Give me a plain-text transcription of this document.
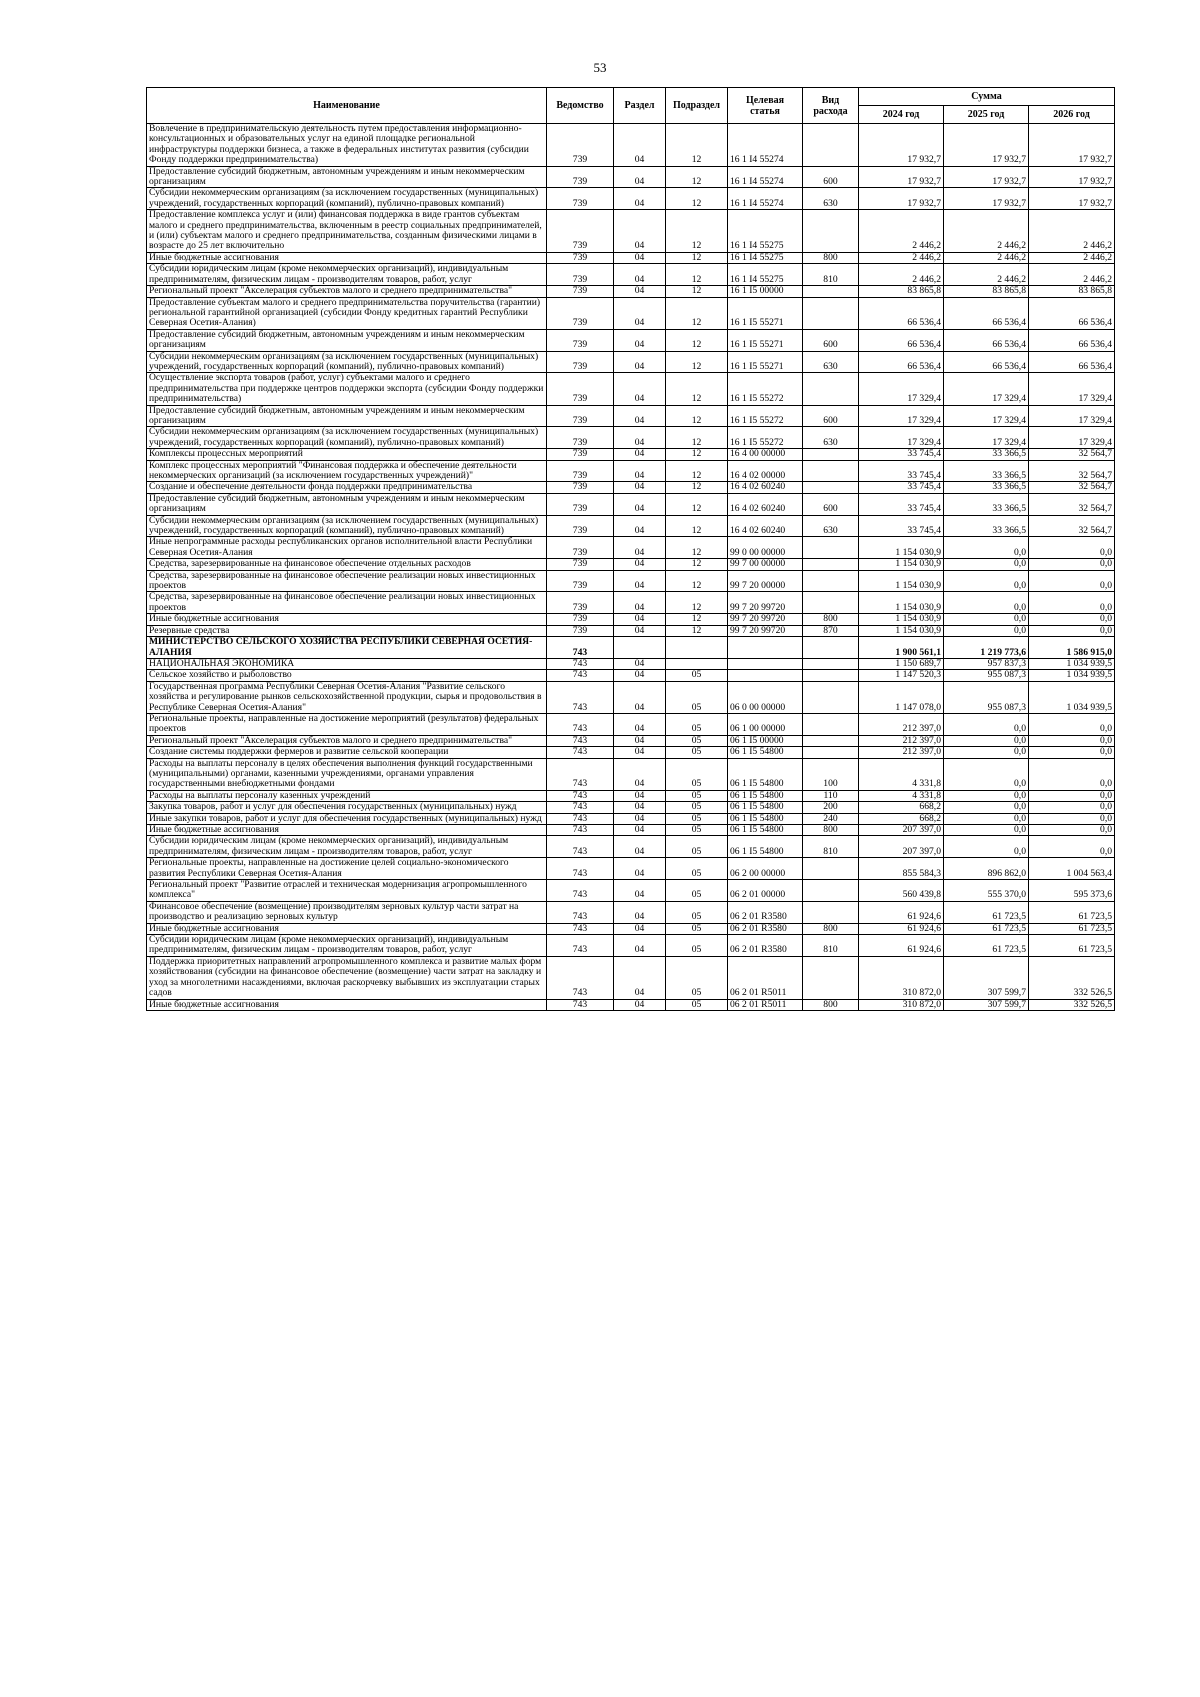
53
Наименование	Ведомство	Раздел	Подраздел	Целевая статья	Вид расхода	Сумма		
						2024 год	2025 год	2026 год
Вовлечение в предпринимательскую деятельность путем предоставления информационно-консультационных и образовательных услуг на единой площадке региональной инфраструктуры поддержки бизнеса, а также в федеральных институтах развития (субсидии Фонду поддержки предпринимательства)	739	04	12	16 1 I4 55274		17 932,7	17 932,7	17 932,7
Предоставление субсидий бюджетным, автономным учреждениям и иным некоммерческим организациям	739	04	12	16 1 I4 55274	600	17 932,7	17 932,7	17 932,7
Субсидии некоммерческим организациям (за исключением государственных (муниципальных) учреждений, государственных корпораций (компаний), публично-правовых компаний)	739	04	12	16 1 I4 55274	630	17 932,7	17 932,7	17 932,7
Предоставление комплекса услуг и (или) финансовая поддержка в виде грантов субъектам малого и среднего предпринимательства, включенным в реестр социальных предпринимателей, и (или) субъектам малого и среднего предпринимательства, созданным физическими лицами в возрасте до 25 лет включительно	739	04	12	16 1 I4 55275		2 446,2	2 446,2	2 446,2
Иные бюджетные ассигнования	739	04	12	16 1 I4 55275	800	2 446,2	2 446,2	2 446,2
Субсидии юридическим лицам (кроме некоммерческих организаций), индивидуальным предпринимателям, физическим лицам - производителям товаров, работ, услуг	739	04	12	16 1 I4 55275	810	2 446,2	2 446,2	2 446,2
Региональный проект "Акселерация субъектов малого и среднего предпринимательства"	739	04	12	16 1 I5 00000		83 865,8	83 865,8	83 865,8
Предоставление субъектам малого и среднего предпринимательства поручительства (гарантии) региональной гарантийной организацией (субсидии Фонду кредитных гарантий Республики Северная Осетия-Алания)	739	04	12	16 1 I5 55271		66 536,4	66 536,4	66 536,4
Предоставление субсидий бюджетным, автономным учреждениям и иным некоммерческим организациям	739	04	12	16 1 I5 55271	600	66 536,4	66 536,4	66 536,4
Субсидии некоммерческим организациям (за исключением государственных (муниципальных) учреждений, государственных корпораций (компаний), публично-правовых компаний)	739	04	12	16 1 I5 55271	630	66 536,4	66 536,4	66 536,4
Осуществление экспорта товаров (работ, услуг) субъектами малого и среднего предпринимательства при поддержке центров поддержки экспорта (субсидии Фонду поддержки предпринимательства)	739	04	12	16 1 I5 55272		17 329,4	17 329,4	17 329,4
Предоставление субсидий бюджетным, автономным учреждениям и иным некоммерческим организациям	739	04	12	16 1 I5 55272	600	17 329,4	17 329,4	17 329,4
Субсидии некоммерческим организациям (за исключением государственных (муниципальных) учреждений, государственных корпораций (компаний), публично-правовых компаний)	739	04	12	16 1 I5 55272	630	17 329,4	17 329,4	17 329,4
Комплексы процессных мероприятий	739	04	12	16 4 00 00000		33 745,4	33 366,5	32 564,7
Комплекс процессных мероприятий "Финансовая поддержка и обеспечение деятельности некоммерческих организаций (за исключением государственных учреждений)"	739	04	12	16 4 02 00000		33 745,4	33 366,5	32 564,7
Создание и обеспечение деятельности фонда поддержки предпринимательства	739	04	12	16 4 02 60240		33 745,4	33 366,5	32 564,7
Предоставление субсидий бюджетным, автономным учреждениям и иным некоммерческим организациям	739	04	12	16 4 02 60240	600	33 745,4	33 366,5	32 564,7
Субсидии некоммерческим организациям (за исключением государственных (муниципальных) учреждений, государственных корпораций (компаний), публично-правовых компаний)	739	04	12	16 4 02 60240	630	33 745,4	33 366,5	32 564,7
Иные непрограммные расходы республиканских органов исполнительной власти Республики Северная Осетия-Алания	739	04	12	99 0 00 00000		1 154 030,9	0,0	0,0
Средства, зарезервированные на финансовое обеспечение отдельных расходов	739	04	12	99 7 00 00000		1 154 030,9	0,0	0,0
Средства, зарезервированные на финансовое обеспечение реализации новых инвестиционных проектов	739	04	12	99 7 20 00000		1 154 030,9	0,0	0,0
Средства, зарезервированные на финансовое обеспечение реализации новых инвестиционных проектов	739	04	12	99 7 20 99720		1 154 030,9	0,0	0,0
Иные бюджетные ассигнования	739	04	12	99 7 20 99720	800	1 154 030,9	0,0	0,0
Резервные средства	739	04	12	99 7 20 99720	870	1 154 030,9	0,0	0,0
МИНИСТЕРСТВО СЕЛЬСКОГО ХОЗЯЙСТВА РЕСПУБЛИКИ СЕВЕРНАЯ ОСЕТИЯ-АЛАНИЯ	743					1 900 561,1	1 219 773,6	1 586 915,0
НАЦИОНАЛЬНАЯ ЭКОНОМИКА	743	04				1 150 689,7	957 837,3	1 034 939,5
Сельское хозяйство и рыболовство	743	04	05			1 147 520,3	955 087,3	1 034 939,5
Государственная программа Республики Северная Осетия-Алания "Развитие сельского хозяйства и регулирование рынков сельскохозяйственной продукции, сырья и продовольствия в Республике Северная Осетия-Алания"	743	04	05	06 0 00 00000		1 147 078,0	955 087,3	1 034 939,5
Региональные проекты, направленные на достижение мероприятий (результатов) федеральных проектов	743	04	05	06 1 00 00000		212 397,0	0,0	0,0
Региональный проект "Акселерация субъектов малого и среднего предпринимательства"	743	04	05	06 1 I5 00000		212 397,0	0,0	0,0
Создание системы поддержки фермеров и развитие сельской кооперации	743	04	05	06 1 I5 54800		212 397,0	0,0	0,0
Расходы на выплаты персоналу в целях обеспечения выполнения функций государственными (муниципальными) органами, казенными учреждениями, органами управления государственными внебюджетными фондами	743	04	05	06 1 I5 54800	100	4 331,8	0,0	0,0
Расходы на выплаты персоналу казенных учреждений	743	04	05	06 1 I5 54800	110	4 331,8	0,0	0,0
Закупка товаров, работ и услуг для обеспечения государственных (муниципальных) нужд	743	04	05	06 1 I5 54800	200	668,2	0,0	0,0
Иные закупки товаров, работ и услуг для обеспечения государственных (муниципальных) нужд	743	04	05	06 1 I5 54800	240	668,2	0,0	0,0
Иные бюджетные ассигнования	743	04	05	06 1 I5 54800	800	207 397,0	0,0	0,0
Субсидии юридическим лицам (кроме некоммерческих организаций), индивидуальным предпринимателям, физическим лицам - производителям товаров, работ, услуг	743	04	05	06 1 I5 54800	810	207 397,0	0,0	0,0
Региональные проекты, направленные на достижение целей социально-экономического развития Республики Северная Осетия-Алания	743	04	05	06 2 00 00000		855 584,3	896 862,0	1 004 563,4
Региональный проект "Развитие отраслей и техническая модернизация агропромышленного комплекса"	743	04	05	06 2 01 00000		560 439,8	555 370,0	595 373,6
Финансовое обеспечение (возмещение) производителям зерновых культур части затрат на производство и реализацию зерновых культур	743	04	05	06 2 01 R3580		61 924,6	61 723,5	61 723,5
Иные бюджетные ассигнования	743	04	05	06 2 01 R3580	800	61 924,6	61 723,5	61 723,5
Субсидии юридическим лицам (кроме некоммерческих организаций), индивидуальным предпринимателям, физическим лицам - производителям товаров, работ, услуг	743	04	05	06 2 01 R3580	810	61 924,6	61 723,5	61 723,5
Поддержка приоритетных направлений агропромышленного комплекса и развитие малых форм хозяйствования (субсидии на финансовое обеспечение (возмещение) части затрат на закладку и уход за многолетними насаждениями, включая раскорчевку выбывших из эксплуатации старых садов	743	04	05	06 2 01 R5011		310 872,0	307 599,7	332 526,5
Иные бюджетные ассигнования	743	04	05	06 2 01 R5011	800	310 872,0	307 599,7	332 526,5
